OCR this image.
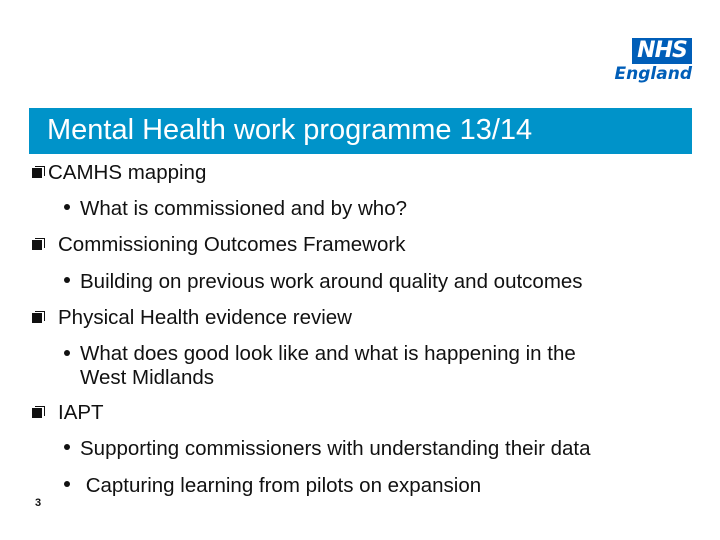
NHS
England
Mental Health work programme 13/14
CAMHS mapping
What is commissioned and by who?
Commissioning Outcomes Framework
Building on previous work around quality and outcomes
Physical Health evidence review
What does good look like and what is happening in the
West Midlands
IAPT
Supporting commissioners with understanding their data
Capturing learning from pilots on expansion
3
